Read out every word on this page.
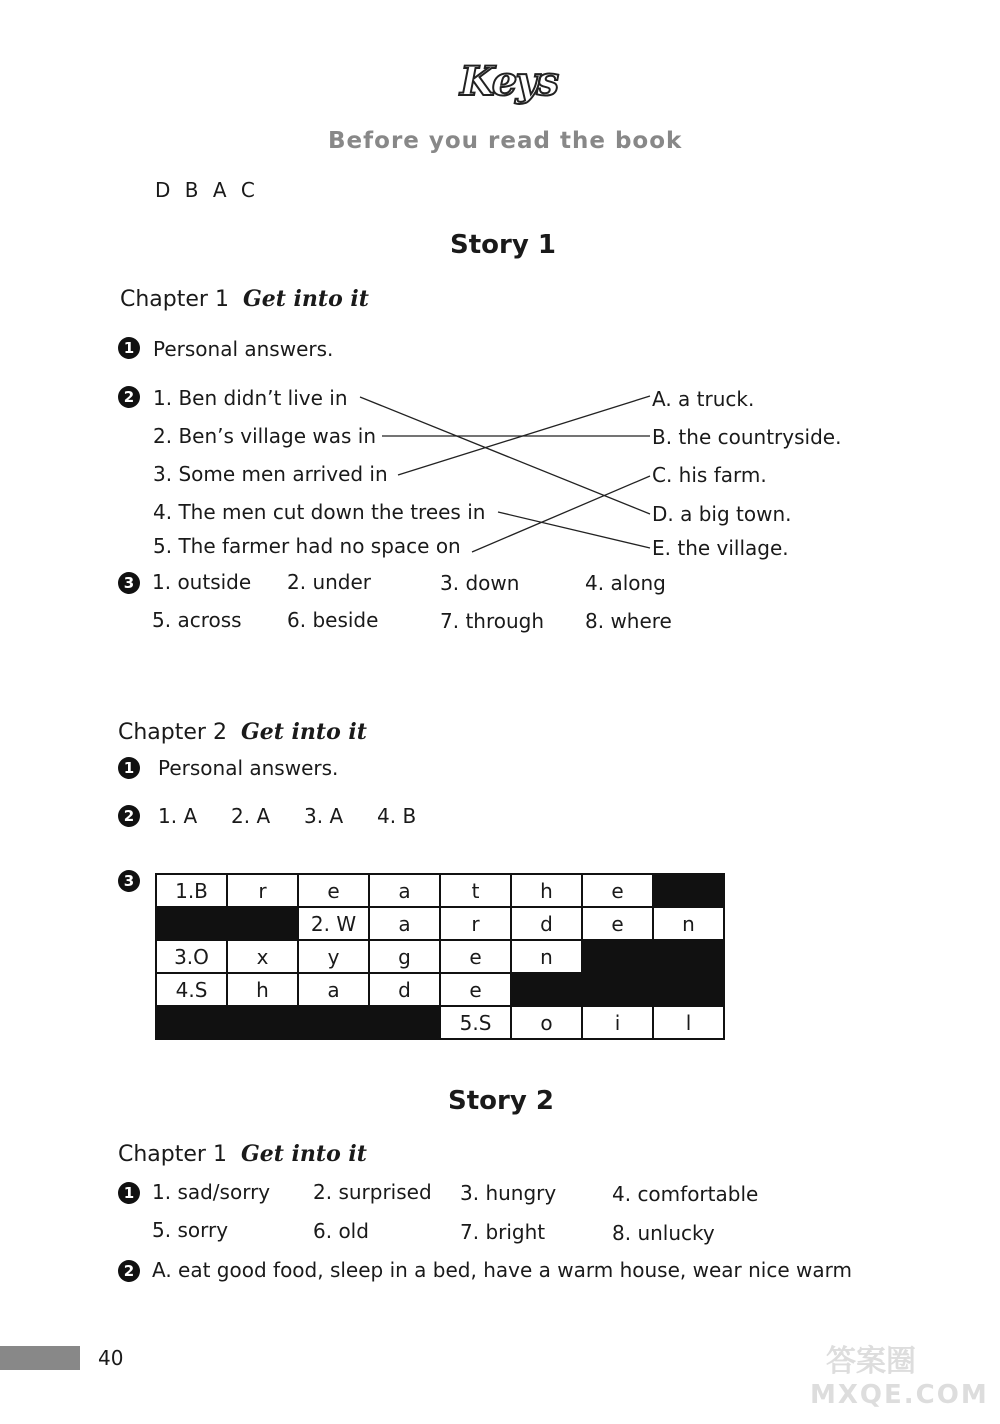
Keys
Before you read the book
D B A C
Story 1
Chapter 1 Get into it
1 Personal answers.
2 1. Ben didn’t live in
2. Ben’s village was in
3. Some men arrived in
4. The men cut down the trees in
5. The farmer had no space on
A. a truck.
B. the countryside.
C. his farm.
D. a big town.
E. the village.
3 1. outside 2. under	3. down	4. along
5. across 6. beside	7. through 8. where
Chapter 2 Get into it
1 Personal answers.
2 1. A 2. A 3. A 4. B
3 1.B	r	e	a	t	h	e	
		2. W	a	r	d	e	n
3.O	x	y	g	e	n		
4.S	h	a	d	e			
				5.S	o	i	l
Story 2
Chapter 1 Get into it
1 1. sad/sorry 2. surprised 3. hungry	4. comfortable
5. sorry	6. old	7. bright	8. unlucky
2 A. eat good food, sleep in a bed, have a warm house, wear nice warm
40	答案圈
MXQE.COM
